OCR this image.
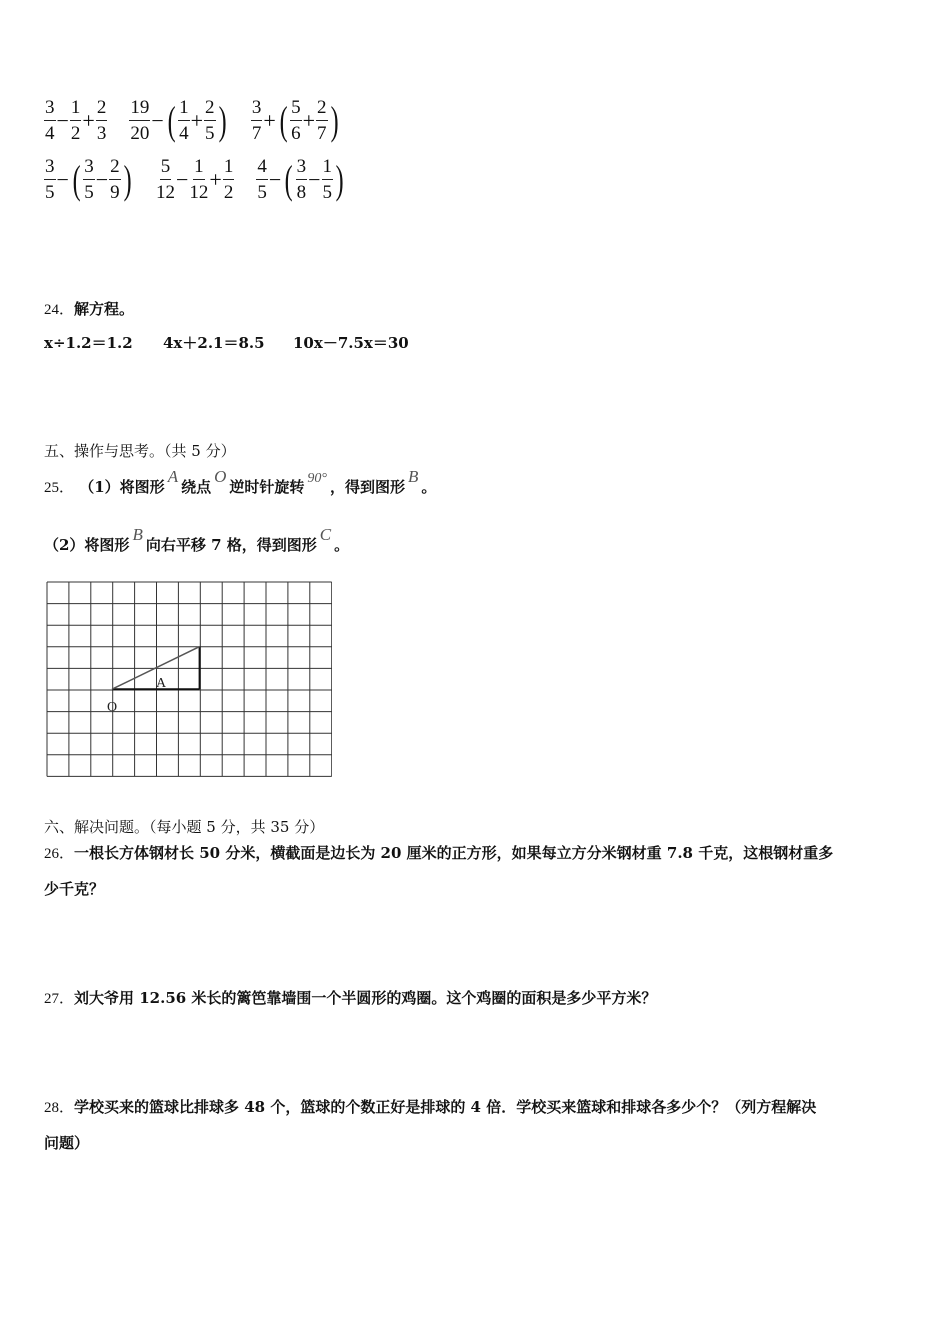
$\frac{3}{4} - \frac{1}{2} + \frac{2}{3} \frac{19}{20}$ −( $\frac{1}{4} + \frac{2}{5}$ ) $\frac{3}{7}$ +( $\frac{5}{6} + \frac{2}{7}$ )
$\frac{3}{5}$ −( $\frac{3}{5} - \frac{2}{9}$ ) $\frac{5}{12} - \frac{1}{12} + \frac{1}{2} \frac{4}{5}$ −( $\frac{3}{8} - \frac{1}{5}$ )
24．解方程。
x÷1.2＝1.2 4x＋2.1＝8.5 10x－7.5x＝30
五、操作与思考。（共 5 分）
25． （1）将图形A绕点O逆时针旋转 90° ，得到图形B。
（2）将图形B向右平移 7 格，得到图形C。
A
O
六、解决问题。（每小题 5 分，共 35 分）
26．一根长方体钢材长 50 分米，横截面是边长为 20 厘米的正方形，如果每立方分米钢材重 7.8 千克，这根钢材重多
少千克？
27．刘大爷用 12.56 米长的篱笆靠墙围一个半圆形的鸡圈。这个鸡圈的面积是多少平方米？
28．学校买来的篮球比排球多 48 个，篮球的个数正好是排球的 4 倍．学校买来篮球和排球各多少个？（列方程解决
问题）
